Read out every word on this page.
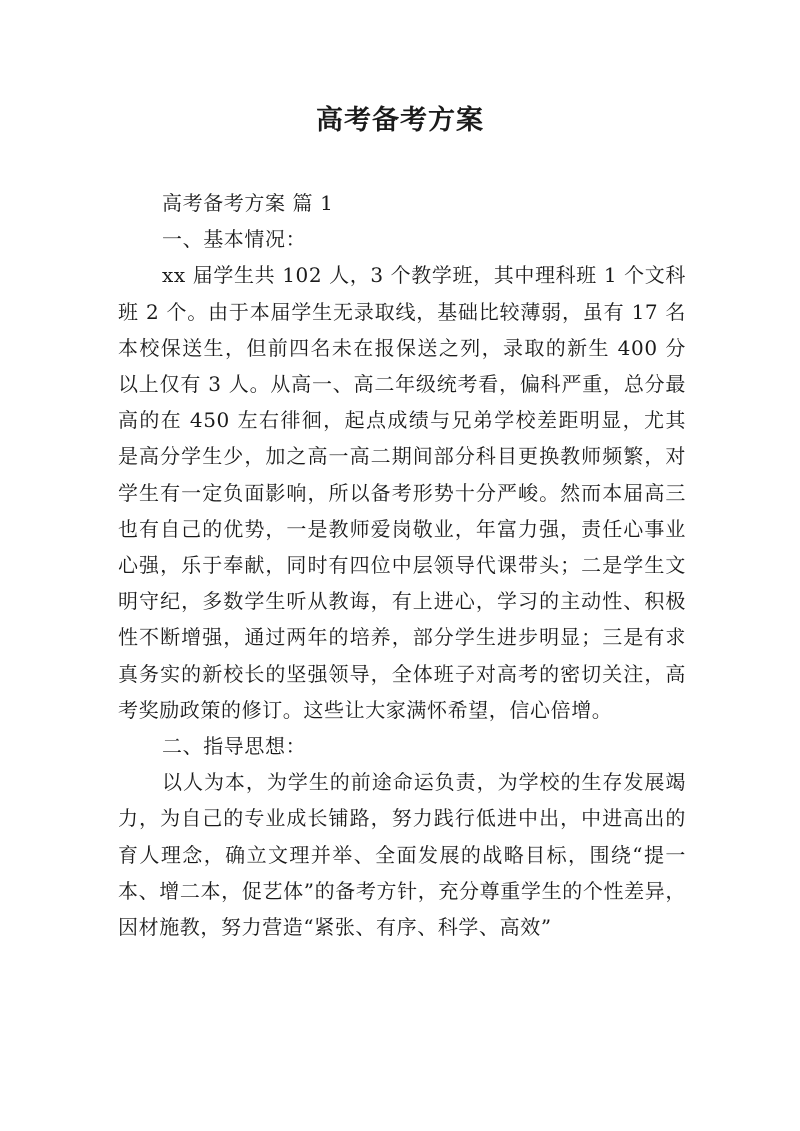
高考备考方案

高考备考方案 篇 1

一、基本情况：

xx 届学生共 102 人，3 个教学班，其中理科班 1 个文科班 2 个。由于本届学生无录取线，基础比较薄弱，虽有 17 名本校保送生，但前四名未在报保送之列，录取的新生 400 分以上仅有 3 人。从高一、高二年级统考看，偏科严重，总分最高的在 450 左右徘徊，起点成绩与兄弟学校差距明显，尤其是高分学生少，加之高一高二期间部分科目更换教师频繁，对学生有一定负面影响，所以备考形势十分严峻。然而本届高三也有自己的优势，一是教师爱岗敬业，年富力强，责任心事业心强，乐于奉献，同时有四位中层领导代课带头；二是学生文明守纪，多数学生听从教诲，有上进心，学习的主动性、积极性不断增强，通过两年的培养，部分学生进步明显；三是有求真务实的新校长的坚强领导，全体班子对高考的密切关注，高考奖励政策的修订。这些让大家满怀希望，信心倍增。

二、指导思想：

以人为本，为学生的前途命运负责，为学校的生存发展竭力，为自己的专业成长铺路，努力践行低进中出，中进高出的育人理念，确立文理并举、全面发展的战略目标，围绕“提一本、增二本，促艺体”的备考方针，充分尊重学生的个性差异，因材施教，努力营造“紧张、有序、科学、高效”
